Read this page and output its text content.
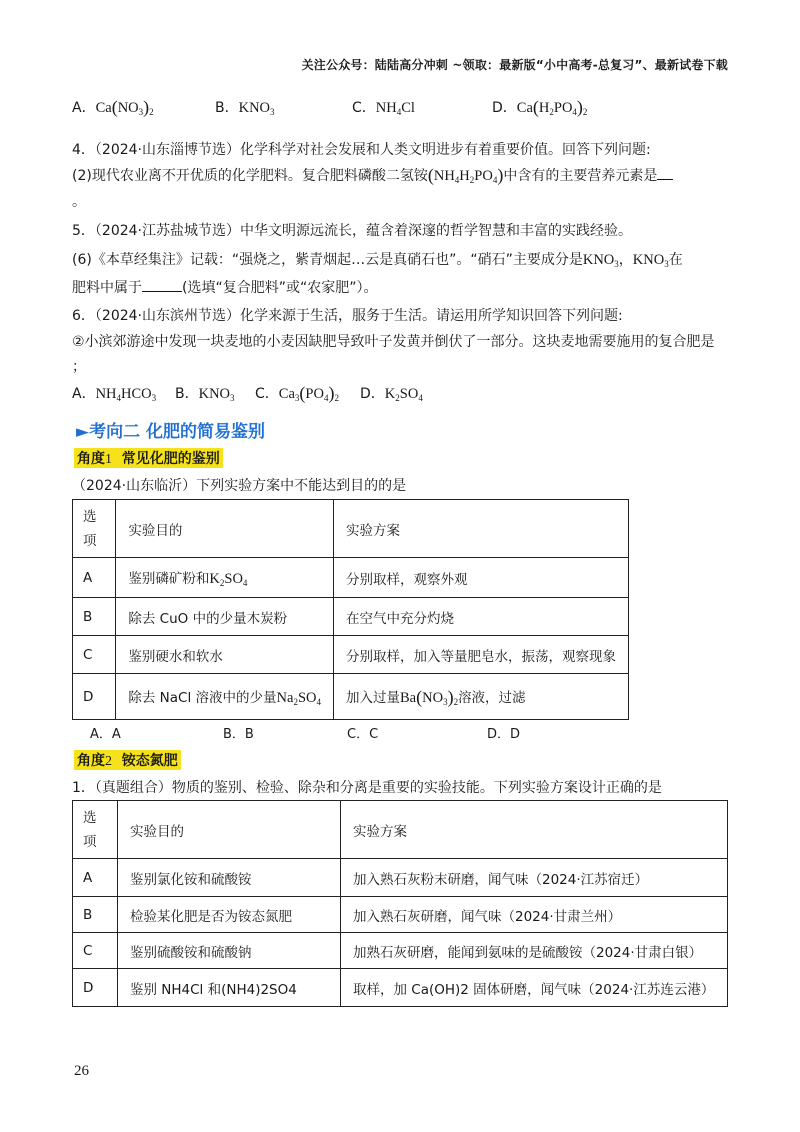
关注公众号：陆陆高分冲刺 ~领取：最新版“小中高考-总复习”、最新试卷下载
A．$Ca(NO_3)_2$	B．$KNO_3$	C．$NH_4Cl$	D．$Ca(H_2PO_4)_2$
4．（2024·山东淄博节选）化学科学对社会发展和人类文明进步有着重要价值。回答下列问题:
(2)现代农业离不开优质的化学肥料。复合肥料磷酸二氢铵$(NH_4H_2PO_4)$中含有的主要营养元素是
。
5．（2024·江苏盐城节选）中华文明源远流长，蕴含着深邃的哲学智慧和丰富的实践经验。
(6)《本草经集注》记载：“强烧之，紫青烟起…云是真硝石也”。“硝石”主要成分是$KNO_3$，$KNO_3$在
肥料中属于	(选填“复合肥料”或“农家肥”）。
6．（2024·山东滨州节选）化学来源于生活，服务于生活。请运用所学知识回答下列问题:
②小滨郊游途中发现一块麦地的小麦因缺肥导致叶子发黄并倒伏了一部分。这块麦地需要施用的复合肥是
；
A．$NH_4HCO_3$ B．$KNO_3$ C．$Ca_3(PO_4)_2$ D．$K_2SO_4$
►考向二 化肥的简易鉴别
角度1 常见化肥的鉴别
（2024·山东临沂）下列实验方案中不能达到目的的是
选项	实验目的	实验方案
A	鉴别磷矿粉和$K_2SO_4$	分别取样，观察外观
B	除去 CuO 中的少量木炭粉	在空气中充分灼烧
C	鉴别硬水和软水	分别取样，加入等量肥皂水，振荡，观察现象
D	除去 NaCl 溶液中的少量$Na_2SO_4$	加入过量$Ba(NO_3)_2$溶液，过滤
A．A	B．B	C．C	D．D
角度2 铵态氮肥
1．（真题组合）物质的鉴别、检验、除杂和分离是重要的实验技能。下列实验方案设计正确的是
选项	实验目的	实验方案
A	鉴别氯化铵和硫酸铵	加入熟石灰粉末研磨，闻气味（2024·江苏宿迁）
B	检验某化肥是否为铵态氮肥	加入熟石灰研磨，闻气味（2024·甘肃兰州）
C	鉴别硫酸铵和硫酸钠	加熟石灰研磨，能闻到氨味的是硫酸铵（2024·甘肃白银）
D	鉴别 NH4Cl 和(NH4)2SO4	取样，加 Ca(OH)2 固体研磨，闻气味（2024·江苏连云港）
26
